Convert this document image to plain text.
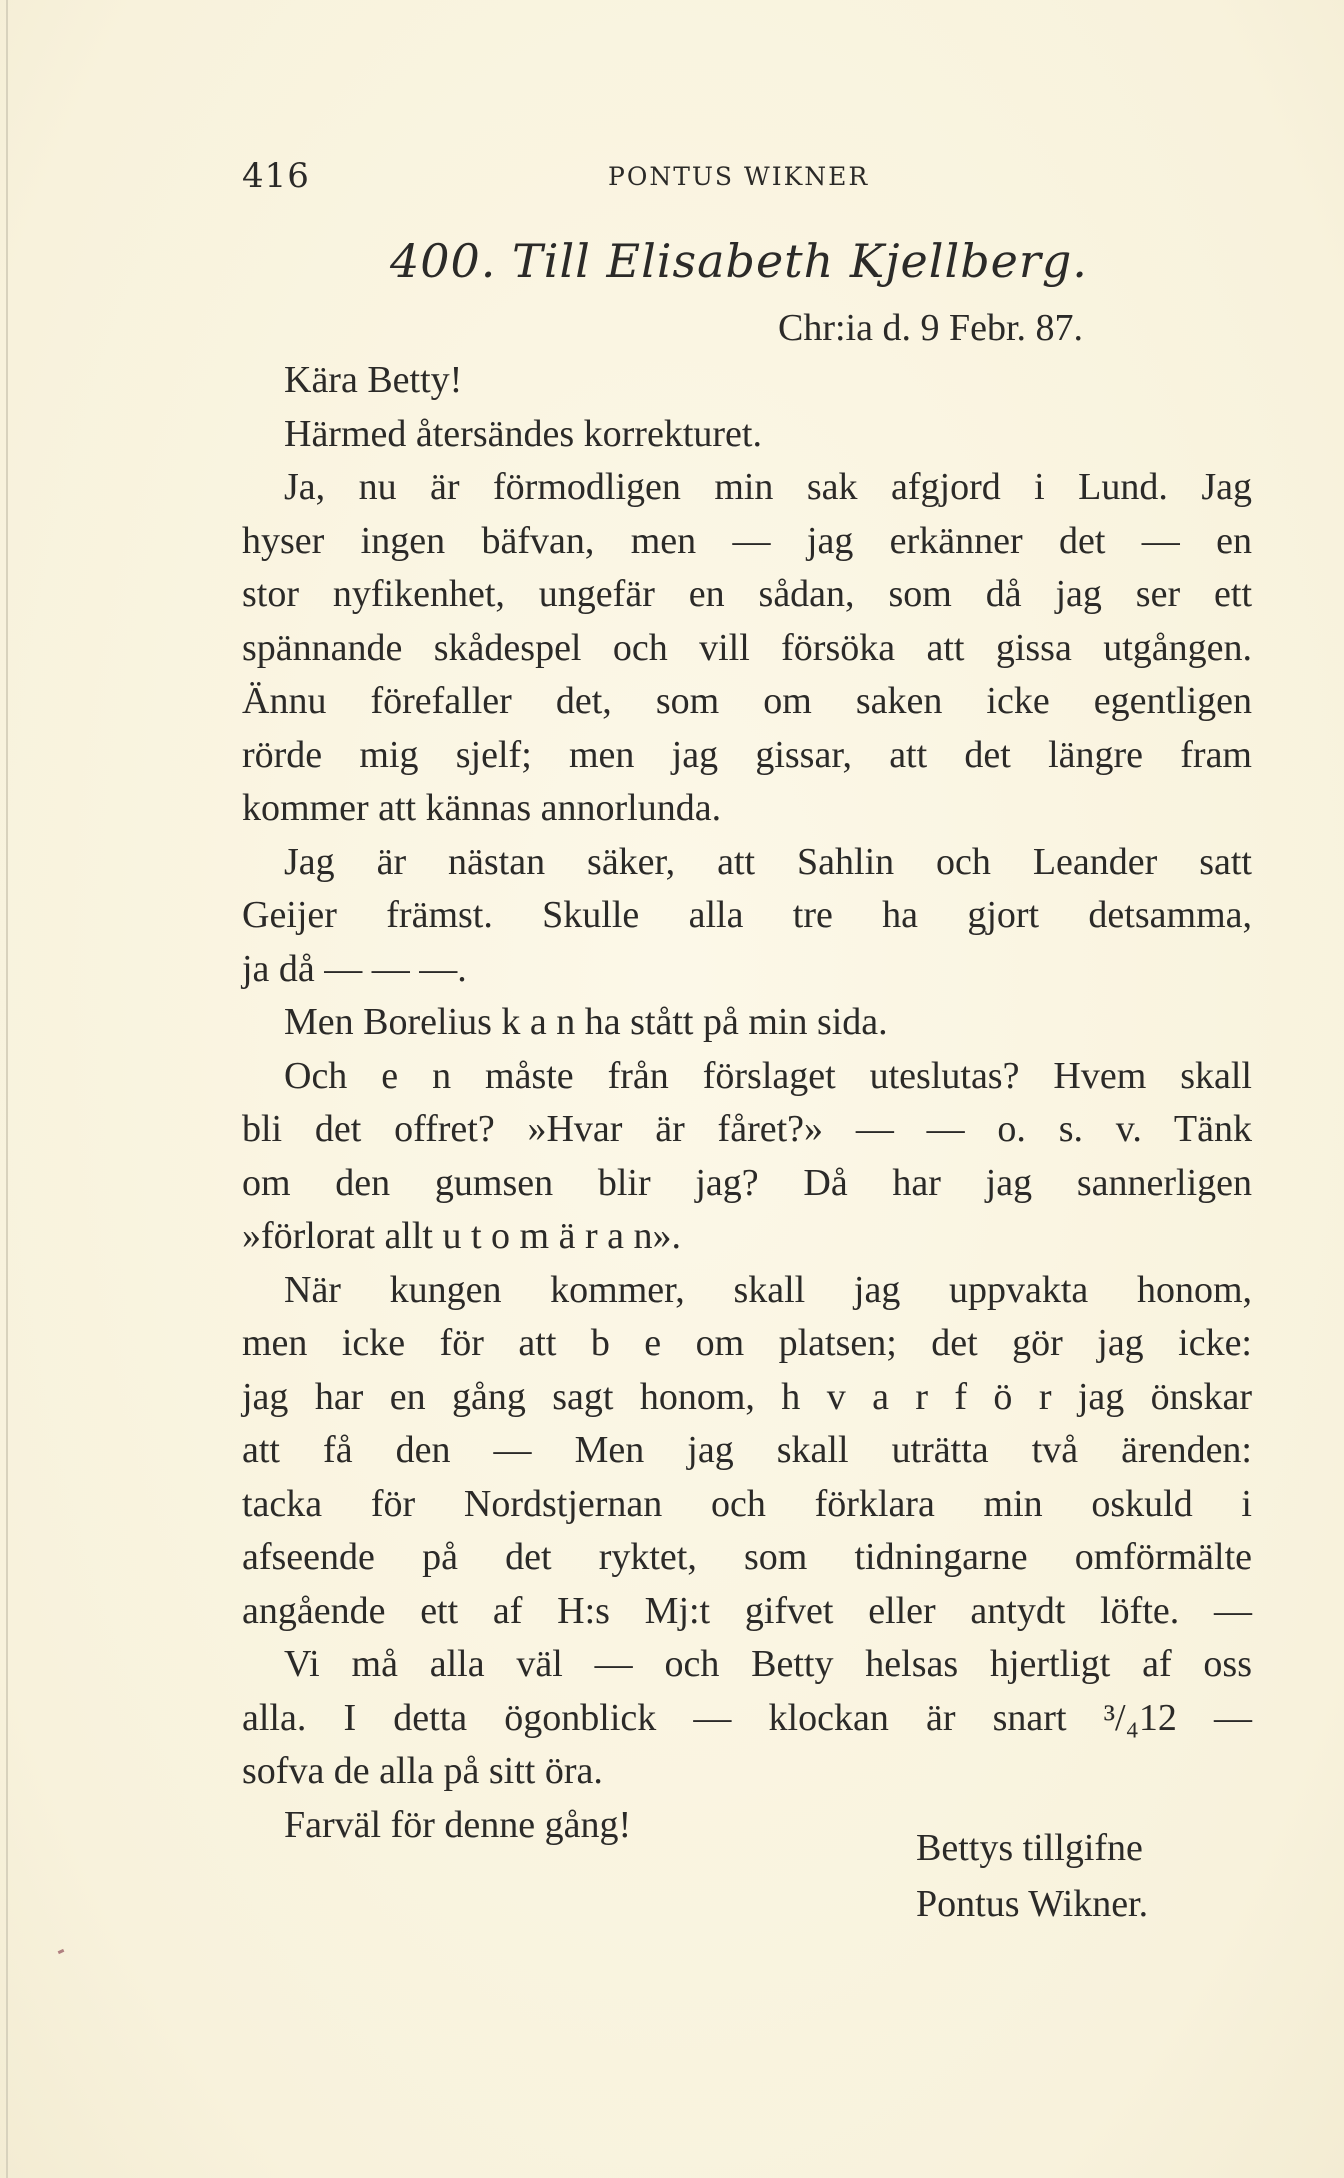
416	PONTUS WIKNER
400. Till Elisabeth Kjellberg.
Chr:ia d. 9 Febr. 87.
Kära Betty!
Härmed återsändes korrekturet.
Ja, nu är förmodligen min sak afgjord i Lund. Jag
hyser ingen bäfvan, men — jag erkänner det — en
stor nyfikenhet, ungefär en sådan, som då jag ser ett
spännande skådespel och vill försöka att gissa utgången.
Ännu förefaller det, som om saken icke egentligen
rörde mig sjelf; men jag gissar, att det längre fram
kommer att kännas annorlunda.
Jag är nästan säker, att Sahlin och Leander satt
Geijer främst. Skulle alla tre ha gjort detsamma,
ja då — — —.
Men Borelius k a n ha stått på min sida.
Och e n måste från förslaget uteslutas? Hvem skall
bli det offret? »Hvar är fåret?» — — o. s. v. Tänk
om den gumsen blir jag? Då har jag sannerligen
»förlorat allt u t o m ä r a n».
När kungen kommer, skall jag uppvakta honom,
men icke för att b e om platsen; det gör jag icke:
jag har en gång sagt honom, h v a r f ö r jag önskar
att få den — Men jag skall uträtta två ärenden:
tacka för Nordstjernan och förklara min oskuld i
afseende på det ryktet, som tidningarne omförmälte
angående ett af H:s Mj:t gifvet eller antydt löfte. —
Vi må alla väl — och Betty helsas hjertligt af oss
alla. I detta ögonblick — klockan är snart ³/₄12 —
sofva de alla på sitt öra.
Farväl för denne gång!
Bettys tillgifne
Pontus Wikner.
